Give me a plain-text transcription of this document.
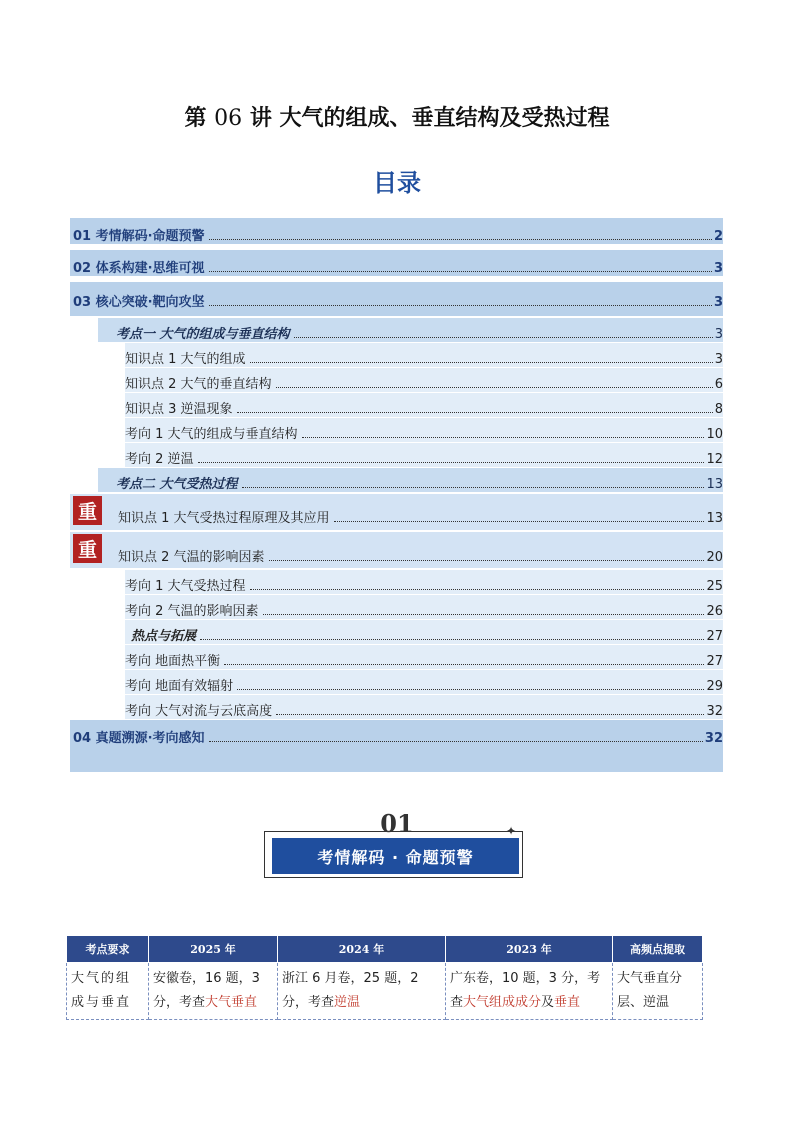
第 06 讲 大气的组成、垂直结构及受热过程
目录
01 考情解码·命题预警	2
02 体系构建·思维可视	3
03 核心突破·靶向攻坚	3
考点一 大气的组成与垂直结构	3
知识点 1 大气的组成	3
知识点 2 大气的垂直结构	6
知识点 3 逆温现象	8
考向 1 大气的组成与垂直结构	10
考向 2 逆温	12
考点二 大气受热过程	13
知识点 1 大气受热过程原理及其应用	13
知识点 2 气温的影响因素	20
重
重
考向 1 大气受热过程	25
考向 2 气温的影响因素	26
热点与拓展	27
考向 地面热平衡	27
考向 地面有效辐射	29
考向 大气对流与云底高度	32
04 真题溯源·考向感知	32
01
考情解码 · 命题预警
✦
考点要求	2025 年	2024 年	2023 年	高频点提取
大气的组成与垂直	安徽卷，16 题，3 分，考查大气垂直	浙江 6 月卷，25 题，2 分，考查逆温	广东卷，10 题，3 分，考查大气组成成分及垂直	大气垂直分层、逆温
